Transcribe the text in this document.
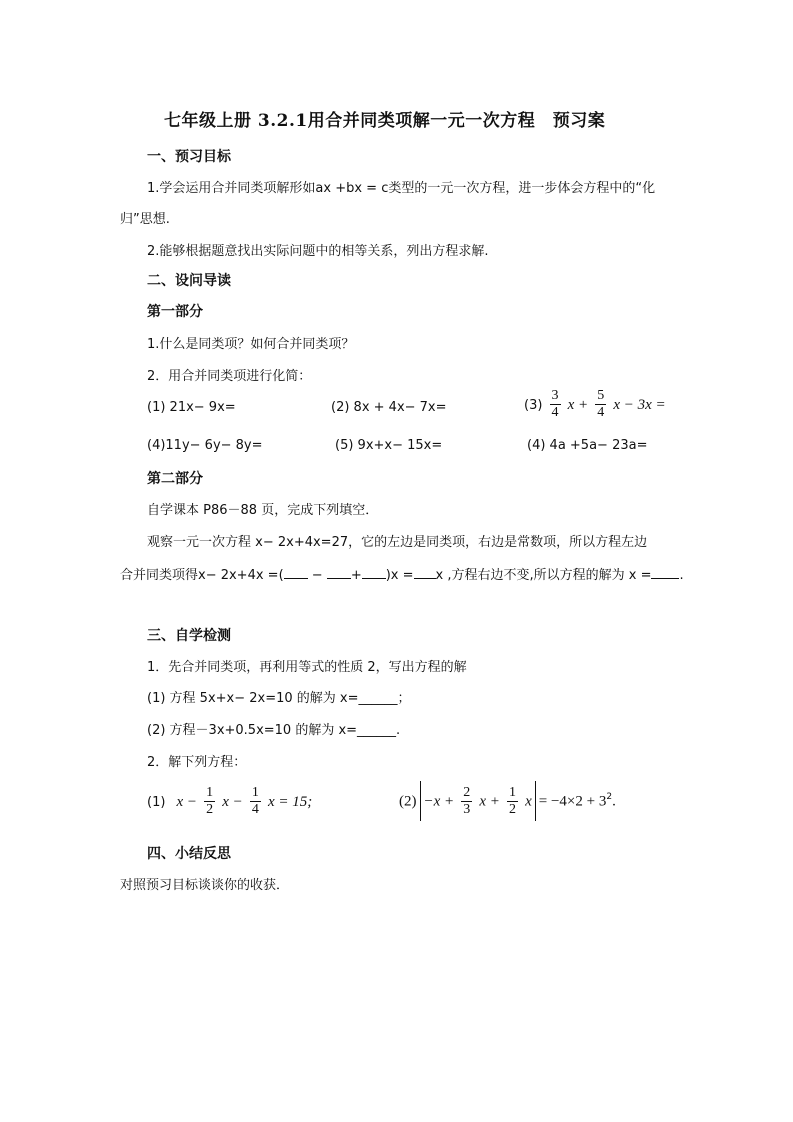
七年级上册 3.2.1用合并同类项解一元一次方程　预习案
一、预习目标
1.学会运用合并同类项解形如ax +bx = c类型的一元一次方程，进一步体会方程中的“化
归”思想.
2.能够根据题意找出实际问题中的相等关系，列出方程求解.
二、设问导读
第一部分
1.什么是同类项？如何合并同类项？
2．用合并同类项进行化简：
(1) 21x− 9x=	(2) 8x + 4x− 7x=	$(3) \frac{3}{4}$ $x + \frac{5}{4}$ x − 3x =
(4)11y− 6y− 8y=	(5) 9x+x− 15x=	(4) 4a +5a− 23a=
第二部分
自学课本 P86－88 页，完成下列填空．
观察一元一次方程 x− 2x+4x=27，它的左边是同类项，右边是常数项，所以方程左边
合并同类项得x− 2x+4x =( − + )x = x ,方程右边不变,所以方程的解为 x = .
三、自学检测
1．先合并同类项，再利用等式的性质 2，写出方程的解
(1) 方程 5x+x− 2x=10 的解为 x=______；
(2) 方程－3x+0.5x=10 的解为 x=______.
2．解下列方程：
(1) $x - \frac{1}{2}$ $x - \frac{1}{4}$ x = 15;	$(2) -x + \frac{2}{3}$ $x + \frac{1}{2}$ $x = -4\times 2 + 3^2$.
四、小结反思
对照预习目标谈谈你的收获．
